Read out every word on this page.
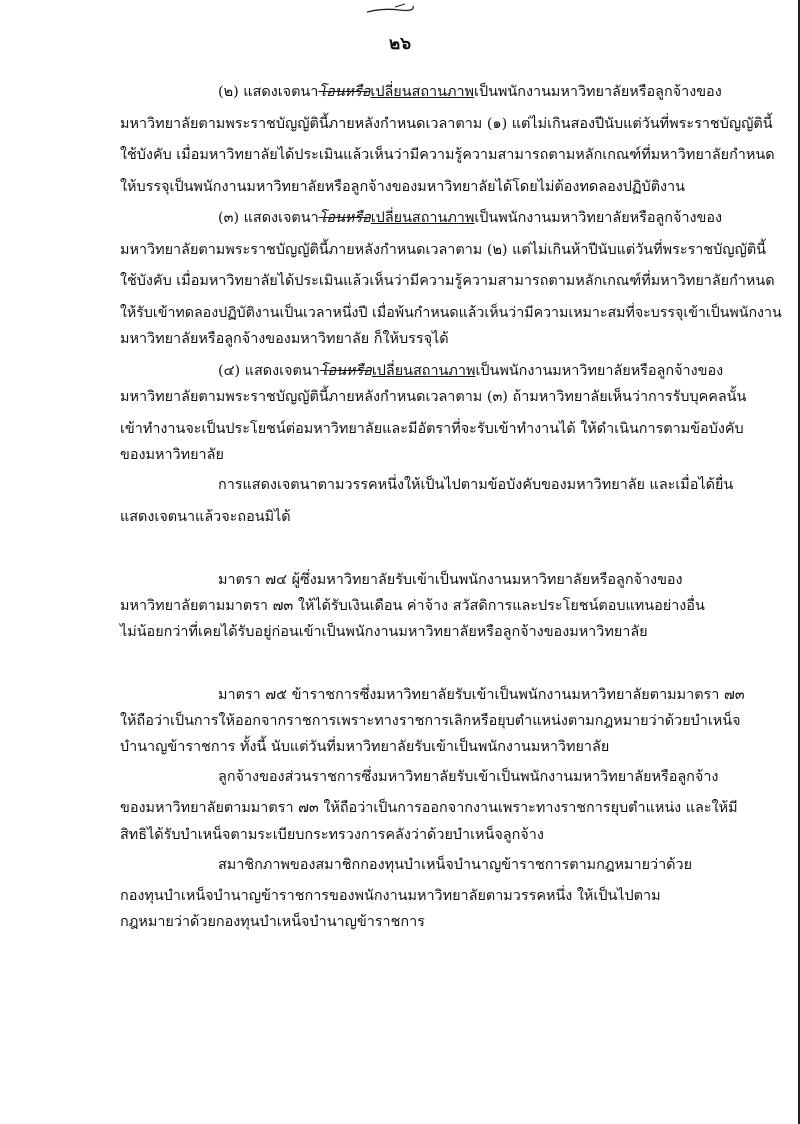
๒๖
(๒) แสดงเจตนาโอนหรือเปลี่ยนสถานภาพเป็นพนักงานมหาวิทยาลัยหรือลูกจ้างของ
มหาวิทยาลัยตามพระราชบัญญัตินี้ภายหลังกำหนดเวลาตาม (๑) แต่ไม่เกินสองปีนับแต่วันที่พระราชบัญญัตินี้
ใช้บังคับ เมื่อมหาวิทยาลัยได้ประเมินแล้วเห็นว่ามีความรู้ความสามารถตามหลักเกณฑ์ที่มหาวิทยาลัยกำหนด
ให้บรรจุเป็นพนักงานมหาวิทยาลัยหรือลูกจ้างของมหาวิทยาลัยได้โดยไม่ต้องทดลองปฏิบัติงาน
(๓) แสดงเจตนาโอนหรือเปลี่ยนสถานภาพเป็นพนักงานมหาวิทยาลัยหรือลูกจ้างของ
มหาวิทยาลัยตามพระราชบัญญัตินี้ภายหลังกำหนดเวลาตาม (๒) แต่ไม่เกินห้าปีนับแต่วันที่พระราชบัญญัตินี้
ใช้บังคับ เมื่อมหาวิทยาลัยได้ประเมินแล้วเห็นว่ามีความรู้ความสามารถตามหลักเกณฑ์ที่มหาวิทยาลัยกำหนด
ให้รับเข้าทดลองปฏิบัติงานเป็นเวลาหนึ่งปี เมื่อพ้นกำหนดแล้วเห็นว่ามีความเหมาะสมที่จะบรรจุเข้าเป็นพนักงาน
มหาวิทยาลัยหรือลูกจ้างของมหาวิทยาลัย ก็ให้บรรจุได้
(๔) แสดงเจตนาโอนหรือเปลี่ยนสถานภาพเป็นพนักงานมหาวิทยาลัยหรือลูกจ้างของ
มหาวิทยาลัยตามพระราชบัญญัตินี้ภายหลังกำหนดเวลาตาม (๓) ถ้ามหาวิทยาลัยเห็นว่าการรับบุคคลนั้น
เข้าทำงานจะเป็นประโยชน์ต่อมหาวิทยาลัยและมีอัตราที่จะรับเข้าทำงานได้ ให้ดำเนินการตามข้อบังคับ
ของมหาวิทยาลัย
การแสดงเจตนาตามวรรคหนึ่งให้เป็นไปตามข้อบังคับของมหาวิทยาลัย และเมื่อได้ยื่น
แสดงเจตนาแล้วจะถอนมิได้
มาตรา ๗๔ ผู้ซึ่งมหาวิทยาลัยรับเข้าเป็นพนักงานมหาวิทยาลัยหรือลูกจ้างของ
มหาวิทยาลัยตามมาตรา ๗๓ ให้ได้รับเงินเดือน ค่าจ้าง สวัสดิการและประโยชน์ตอบแทนอย่างอื่น
ไม่น้อยกว่าที่เคยได้รับอยู่ก่อนเข้าเป็นพนักงานมหาวิทยาลัยหรือลูกจ้างของมหาวิทยาลัย
มาตรา ๗๕ ข้าราชการซึ่งมหาวิทยาลัยรับเข้าเป็นพนักงานมหาวิทยาลัยตามมาตรา ๗๓
ให้ถือว่าเป็นการให้ออกจากราชการเพราะทางราชการเลิกหรือยุบตำแหน่งตามกฎหมายว่าด้วยบำเหน็จ
บำนาญข้าราชการ ทั้งนี้ นับแต่วันที่มหาวิทยาลัยรับเข้าเป็นพนักงานมหาวิทยาลัย
ลูกจ้างของส่วนราชการซึ่งมหาวิทยาลัยรับเข้าเป็นพนักงานมหาวิทยาลัยหรือลูกจ้าง
ของมหาวิทยาลัยตามมาตรา ๗๓ ให้ถือว่าเป็นการออกจากงานเพราะทางราชการยุบตำแหน่ง และให้มี
สิทธิได้รับบำเหน็จตามระเบียบกระทรวงการคลังว่าด้วยบำเหน็จลูกจ้าง
สมาชิกภาพของสมาชิกกองทุนบำเหน็จบำนาญข้าราชการตามกฎหมายว่าด้วย
กองทุนบำเหน็จบำนาญข้าราชการของพนักงานมหาวิทยาลัยตามวรรคหนึ่ง ให้เป็นไปตาม
กฎหมายว่าด้วยกองทุนบำเหน็จบำนาญข้าราชการ
